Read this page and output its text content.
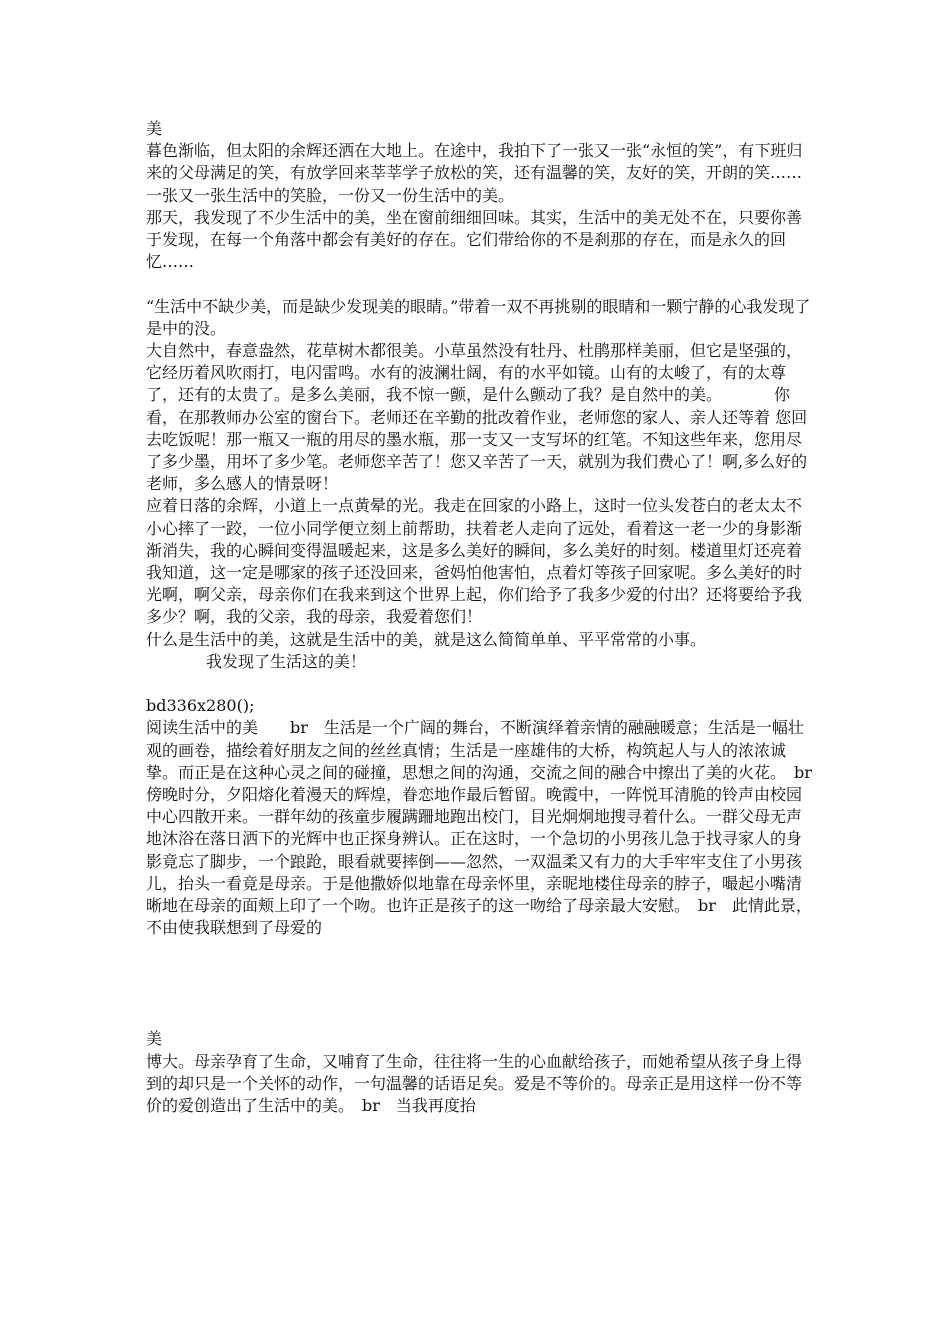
美

暮色渐临，但太阳的余辉还洒在大地上。在途中，我拍下了一张又一张“永恒的笑”，有下班归来的父母满足的笑，有放学回来莘莘学子放松的笑，还有温馨的笑，友好的笑，开朗的笑……一张又一张生活中的笑脸，一份又一份生活中的美。

那天，我发现了不少生活中的美，坐在窗前细细回味。其实，生活中的美无处不在，只要你善于发现，在每一个角落中都会有美好的存在。它们带给你的不是刹那的存在，而是永久的回忆……

“生活中不缺少美，而是缺少发现美的眼睛。”带着一双不再挑剔的眼睛和一颗宁静的心我发现了是中的没。

大自然中，春意盎然，花草树木都很美。小草虽然没有牡丹、杜鹃那样美丽，但它是坚强的，它经历着风吹雨打，电闪雷鸣。水有的波澜壮阔，有的水平如镜。山有的太峻了，有的太尊了，还有的太贵了。是多么美丽，我不惊一颤，是什么颤动了我？是自然中的美。	你看，在那教师办公室的窗台下。老师还在辛勤的批改着作业，老师您的家人、亲人还等着 您回去吃饭呢！那一瓶又一瓶的用尽的墨水瓶，那一支又一支写坏的红笔。不知这些年来，您用尽了多少墨，用坏了多少笔。老师您辛苦了！您又辛苦了一天，就别为我们费心了！啊,多么好的老师，多么感人的情景呀！

应着日落的余辉，小道上一点黄晕的光。我走在回家的小路上，这时一位头发苍白的老太太不小心摔了一跤，一位小同学便立刻上前帮助，扶着老人走向了远处，看着这一老一少的身影渐渐消失，我的心瞬间变得温暖起来，这是多么美好的瞬间，多么美好的时刻。楼道里灯还亮着我知道，这一定是哪家的孩子还没回来，爸妈怕他害怕，点着灯等孩子回家呢。多么美好的时光啊，啊父亲，母亲你们在我来到这个世界上起，你们给予了我多少爱的付出？还将要给予我多少？啊，我的父亲，我的母亲，我爱着您们！

什么是生活中的美，这就是生活中的美，就是这么简简单单、平平常常的小事。

我发现了生活这的美！

bd336x280();

阅读生活中的美　　br　生活是一个广阔的舞台，不断演绎着亲情的融融暖意；生活是一幅壮观的画卷，描绘着好朋友之间的丝丝真情；生活是一座雄伟的大桥，构筑起人与人的浓浓诚挚。而正是在这种心灵之间的碰撞，思想之间的沟通，交流之间的融合中擦出了美的火花。　br　傍晚时分，夕阳熔化着漫天的辉煌，眷恋地作最后暂留。晚霞中，一阵悦耳清脆的铃声由校园中心四散开来。一群年幼的孩童步履蹒跚地跑出校门，目光炯炯地搜寻着什么。一群父母无声地沐浴在落日洒下的光辉中也正探身辨认。正在这时，一个急切的小男孩儿急于找寻家人的身影竟忘了脚步，一个踉跄，眼看就要摔倒——忽然，一双温柔又有力的大手牢牢支住了小男孩儿，抬头一看竟是母亲。于是他撒娇似地靠在母亲怀里，亲昵地楼住母亲的脖子，嘬起小嘴清晰地在母亲的面颊上印了一个吻。也许正是孩子的这一吻给了母亲最大安慰。　br　此情此景，不由使我联想到了母爱的

美

博大。母亲孕育了生命，又哺育了生命，往往将一生的心血献给孩子，而她希望从孩子身上得到的却只是一个关怀的动作，一句温馨的话语足矣。爱是不等价的。母亲正是用这样一份不等价的爱创造出了生活中的美。　br　当我再度抬
